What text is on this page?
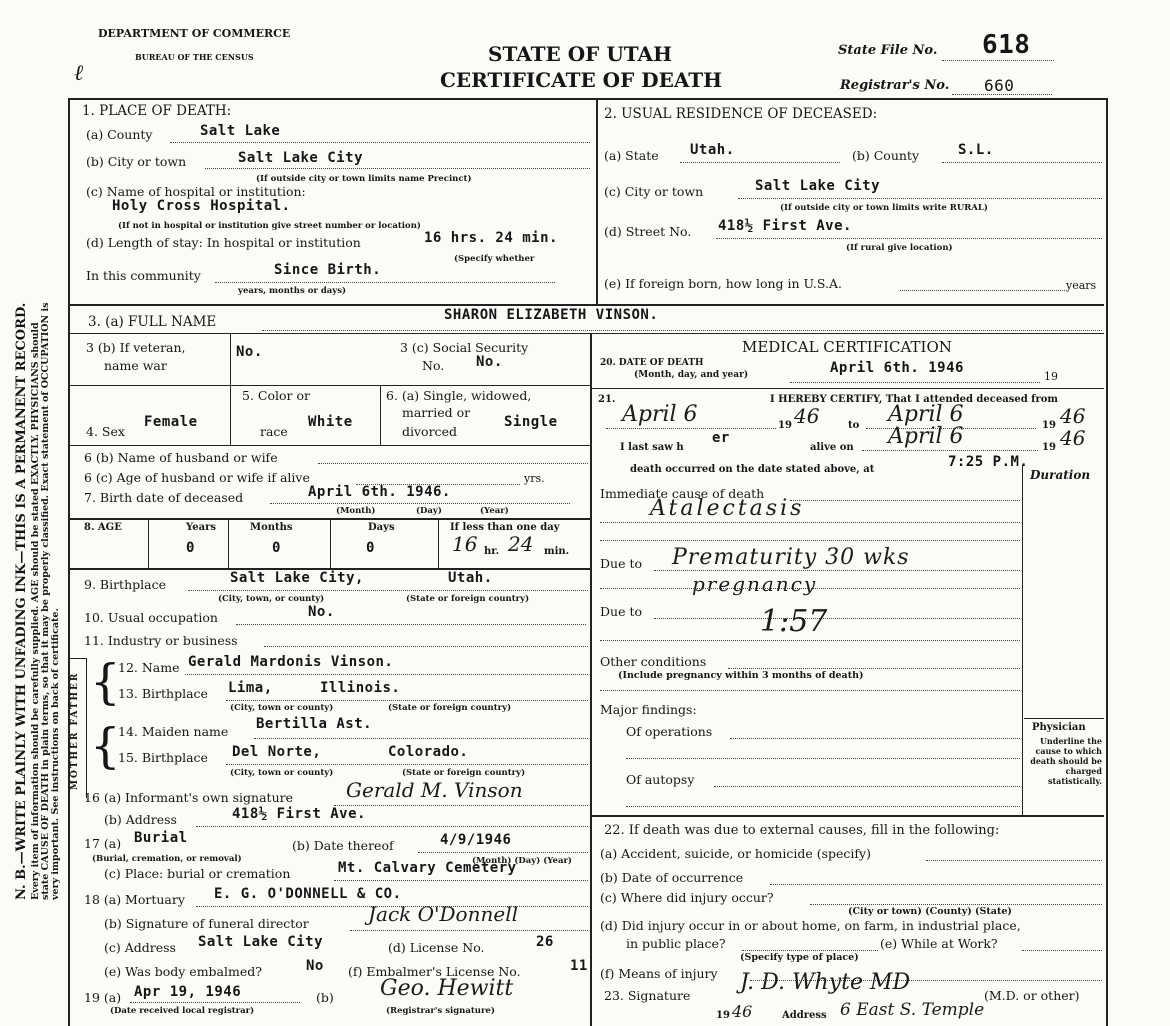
N. B.—WRITE PLAINLY WITH UNFADING INK—THIS IS A PERMANENT RECORD. Every item of information should be carefully supplied. AGE should be stated EXACTLY. PHYSICIANS should state CAUSE OF DEATH in plain terms, so that it may be properly classified. Exact statement of OCCUPATION is very important. See instructions on back of certificate.
DEPARTMENT OF COMMERCE
BUREAU OF THE CENSUS
ℓ
STATE OF UTAH
CERTIFICATE OF DEATH
State File No. 618
Registrar's No. 660
1. PLACE OF DEATH:
(a) County	Salt Lake
(b) City or town	Salt Lake City
(If outside city or town limits name Precinct)
(c) Name of hospital or institution:
Holy Cross Hospital.
(If not in hospital or institution give street number or location)
(d) Length of stay: In hospital or institution	16 hrs. 24 min.
(Specify whether
In this community	Since Birth.
years, months or days)
2. USUAL RESIDENCE OF DECEASED:
(a) State Utah.	(b) County	S.L.
(c) City or town	Salt Lake City
(If outside city or town limits write RURAL)
(d) Street No. 418½ First Ave.
(If rural give location)
(e) If foreign born, how long in U.S.A.	years
3. (a) FULL NAME	SHARON ELIZABETH VINSON.
3 (b) If veteran,
name war
No.	3 (c) Social Security
No. No.
4. Sex
Female
5. Color or
race
White
6. (a) Single, widowed,
married or
divorced
Single
6 (b) Name of husband or wife
6 (c) Age of husband or wife if alive	yrs.
7. Birth date of deceased	April 6th. 1946.
(Month)	(Day)	(Year)
8. AGE	Years	Months	Days	If less than one day
0	0	0	16 hr. 24 min.
9. Birthplace	Salt Lake City,	Utah.
(City, town, or county)	(State or foreign country)
10. Usual occupation	No.
11. Industry or business
MOTHER FATHER {
{
12. Name Gerald Mardonis Vinson.
13. Birthplace Lima,	Illinois.
(City, town or county)	(State or foreign country)
14. Maiden name Bertilla Ast.
15. Birthplace Del Norte,	Colorado.
(City, town or county)	(State or foreign country)
16 (a) Informant's own signature	Gerald M. Vinson
(b) Address	418½ First Ave.
17 (a) Burial
(Burial, cremation, or removal)
(b) Date thereof	4/9/1946
(Month) (Day) (Year)
(c) Place: burial or cremation	Mt. Calvary Cemetery
18 (a) Mortuary E. G. O'DONNELL & CO.
(b) Signature of funeral director	Jack O'Donnell
(c) Address Salt Lake City	(d) License No.	26
(e) Was body embalmed?	No (f) Embalmer's License No.	11
19 (a) Apr 19, 1946
(Date received local registrar)
(b) Geo. Hewitt
(Registrar's signature)
MEDICAL CERTIFICATION
20. DATE OF DEATH
(Month, day, and year)	April 6th. 1946
19
21.	I HEREBY CERTIFY, That I attended deceased from
April 6	19 46	to April 6	19 46
I last saw h
er
alive on April 6	19 46
death occurred on the date stated above, at	7:25 P.M.
Duration
Immediate cause of death
Atalectasis
Due to Prematurity 30 wks
pregnancy
Due to	1:57
Other conditions
(Include pregnancy within 3 months of death)
Major findings:
Of operations
Of autopsy
Physician
Underline the cause to which death should be charged statistically.
22. If death was due to external causes, fill in the following:
(a) Accident, suicide, or homicide (specify)
(b) Date of occurrence
(c) Where did injury occur?
(City or town) (County) (State)
(d) Did injury occur in or about home, on farm, in industrial place,
in public place?	(e) While at Work?
(Specify type of place)
(f) Means of injury
23. Signature
J. D. Whyte MD
(M.D. or other)
19 46	Address 6 East S. Temple
